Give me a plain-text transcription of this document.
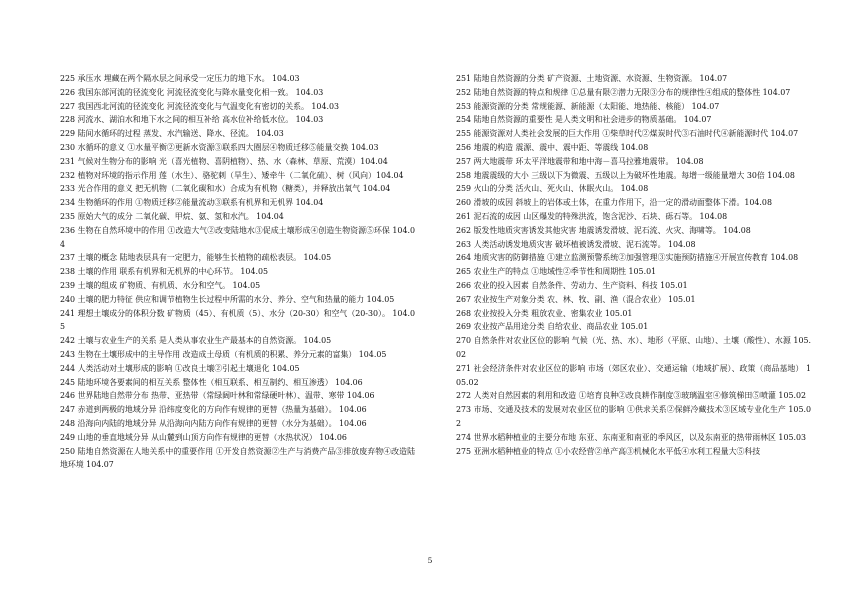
225 承压水 埋藏在两个隔水层之间承受一定压力的地下水。 104.03

226 我国东部河流的径流变化 河流径流变化与降水量变化相一致。 104.03

227 我国西北河流的径流变化 河流径流变化与气温变化有密切的关系。 104.03

228 河流水、湖泊水和地下水之间的相互补给 高水位补给低水位。 104.03

229 陆间水循环的过程 蒸发、水汽输送、降水、径流。 104.03

230 水循环的意义 ①水量平衡②更新水资源③联系四大圈层④物质迁移⑤能量交换 104.03

231 气候对生物分布的影响 光（喜光植物、喜阴植物）、热、水（森林、草原、荒漠）104.04

232 植物对环境的指示作用 莲（水生）、骆驼刺（旱生）、矮牵牛（二氧化硫）、树（风向）104.04

233 光合作用的意义 把无机物（二氧化碳和水）合成为有机物（糖类），并释放出氧气 104.04

234 生物循环的作用 ①物质迁移②能量流动③联系有机界和无机界 104.04

235 原始大气的成分 二氧化碳、甲烷、氨、氢和水汽。 104.04

236 生物在自然环境中的作用 ①改造大气②改变陆地水③促成土壤形成④创造生物资源⑤环保 104.04

237 土壤的概念 陆地表层具有一定肥力，能够生长植物的疏松表层。 104.05

238 土壤的作用 联系有机界和无机界的中心环节。 104.05

239 土壤的组成 矿物质、有机质、水分和空气。 104.05

240 土壤的肥力特征 供应和调节植物生长过程中所需的水分、养分、空气和热量的能力 104.05

241 理想土壤成分的体积分数 矿物质（45）、有机质（5）、水分（20-30）和空气（20-30）。 104.05

242 土壤与农业生产的关系 是人类从事农业生产最基本的自然资源。 104.05

243 生物在土壤形成中的主导作用 改造成土母质（有机质的积累、养分元素的富集） 104.05

244 人类活动对土壤形成的影响 ①改良土壤②引起土壤退化 104.05

245 陆地环境各要素间的相互关系 整体性（相互联系、相互制约、相互渗透） 104.06

246 世界陆地自然带分布 热带、亚热带（常绿阔叶林和常绿硬叶林）、温带、寒带 104.06

247 赤道到两极的地域分异 沿纬度变化的方向作有规律的更替（热量为基础）。 104.06

248 沿海向内陆的地域分异 从沿海向内陆方向作有规律的更替（水分为基础）。 104.06

249 山地的垂直地域分异 从山麓到山顶方向作有规律的更替（水热状况） 104.06

250 陆地自然资源在人地关系中的重要作用 ①开发自然资源②生产与消费产品③排放废弃物④改造陆地环境 104.07

251 陆地自然资源的分类 矿产资源、土地资源、水资源、生物资源。 104.07

252 陆地自然资源的特点和规律 ①总量有限②潜力无限③分布的规律性④组成的整体性 104.07

253 能源资源的分类 常规能源、新能源（太阳能、地热能、核能） 104.07

254 陆地自然资源的重要性 是人类文明和社会进步的物质基础。 104.07

255 能源资源对人类社会发展的巨大作用 ①柴草时代②煤炭时代③石油时代④新能源时代 104.07

256 地震的构造 震源、震中、震中距、等震线 104.08

257 两大地震带 环太平洋地震带和地中海－喜马拉雅地震带。 104.08

258 地震震级的大小 三级以下为微震、五级以上为破坏性地震。每增一级能量增大 30倍 104.08

259 火山的分类 活火山、死火山、休眠火山。 104.08

260 滑坡的成因 斜坡上的岩体或土体，在重力作用下，沿一定的滑动面整体下滑。104.08

261 泥石流的成因 山区爆发的特殊洪流，饱含泥沙、石块、砾石等。 104.08

262 版发性地质灾害诱发其他灾害 地震诱发滑坡、泥石流、火灾、海啸等。 104.08

263 人类活动诱发地质灾害 破坏植被诱发滑坡、泥石流等。 104.08

264 地质灾害的防御措施 ①建立监测预警系统②加强管理③实施预防措施④开展宣传教育 104.08

265 农业生产的特点 ①地域性②季节性和周期性 105.01

266 农业的投入因素 自然条件、劳动力、生产资料、科技 105.01

267 农业按生产对象分类 农、林、牧、副、渔（混合农业） 105.01

268 农业按投入分类 粗放农业、密集农业 105.01

269 农业按产品用途分类 自给农业、商品农业 105.01

270 自然条件对农业区位的影响 气候（光、热、水）、地形（平原、山地）、土壤（酸性）、水源 105.02

271 社会经济条件对农业区位的影响 市场（郊区农业）、交通运输（地域扩展）、政策（商品基地） 105.02

272 人类对自然因素的利用和改造 ①培育良种②改良耕作制度③玻璃温室④修筑梯田⑤喷灌 105.02

273 市场、交通及技术的发展对农业区位的影响 ①供求关系②保鲜冷藏技术③区域专业化生产 105.02

274 世界水稻种植业的主要分布地 东亚、东南亚和南亚的季风区，以及东南亚的热带雨林区 105.03

275 亚洲水稻种植业的特点 ①小农经营②单产高③机械化水平低④水利工程量大⑤科技

5
